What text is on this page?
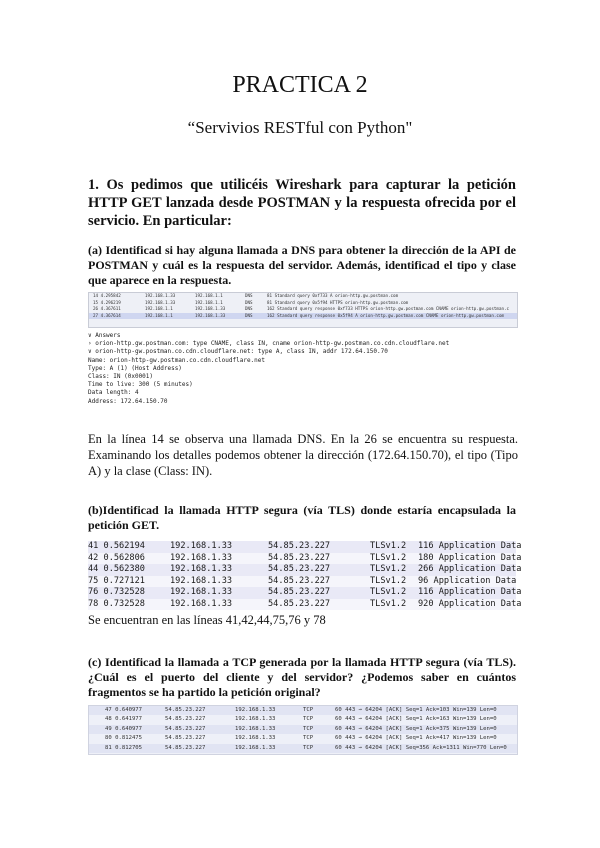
PRACTICA 2
“Servivios RESTful con Python"
1. Os pedimos que utilicéis Wireshark para capturar la petición HTTP GET lanzada desde POSTMAN y la respuesta ofrecida por el servicio. En particular:
(a) Identificad si hay alguna llamada a DNS para obtener la dirección de la API de POSTMAN y cuál es la respuesta del servidor. Además, identificad el tipo y clase que aparece en la respuesta.
14 4.295842	192.168.1.33	192.168.1.1	DNS	81 Standard query 0xf733 A orion-http.gw.postman.com
15 4.296219	192.168.1.33	192.168.1.1	DNS	81 Standard query 0x5f94 HTTPS orion-http.gw.postman.com
26 4.367611	192.168.1.1	192.168.1.33	DNS	162 Standard query response 0xf733 HTTPS orion-http.gw.postman.com CNAME orion-http.gw.postman.c
27 4.367614	192.168.1.1	192.168.1.33	DNS	162 Standard query response 0x5f94 A orion-http.gw.postman.com CNAME orion-http.gw.postman.com
∨ Answers
› orion-http.gw.postman.com: type CNAME, class IN, cname orion-http-gw.postman.co.cdn.cloudflare.net
∨ orion-http-gw.postman.co.cdn.cloudflare.net: type A, class IN, addr 172.64.150.70
Name: orion-http-gw.postman.co.cdn.cloudflare.net
Type: A (1) (Host Address)
Class: IN (0x0001)
Time to live: 300 (5 minutes)
Data length: 4
Address: 172.64.150.70
En la línea 14 se observa una llamada DNS. En la 26 se encuentra su respuesta. Examinando los detalles podemos obtener la dirección (172.64.150.70), el tipo (Tipo A) y la clase (Class: IN).
(b)Identificad la llamada HTTP segura (vía TLS) donde estaría encapsulada la petición GET.
41 0.562194	192.168.1.33	54.85.23.227	TLSv1.2 116 Application Data
42 0.562806	192.168.1.33	54.85.23.227	TLSv1.2 180 Application Data
44 0.562380	192.168.1.33	54.85.23.227	TLSv1.2 266 Application Data
75 0.727121	192.168.1.33	54.85.23.227	TLSv1.2 96 Application Data
76 0.732528	192.168.1.33	54.85.23.227	TLSv1.2 116 Application Data
78 0.732528	192.168.1.33	54.85.23.227	TLSv1.2 920 Application Data
Se encuentran en las líneas 41,42,44,75,76 y 78
(c) Identificad la llamada a TCP generada por la llamada HTTP segura (vía TLS). ¿Cuál es el puerto del cliente y del servidor? ¿Podemos saber en cuántos fragmentos se ha partido la petición original?
47 0.640977	54.85.23.227	192.168.1.33	TCP	60 443 → 64204 [ACK] Seq=1 Ack=103 Win=139 Len=0
48 0.641977	54.85.23.227	192.168.1.33	TCP	60 443 → 64204 [ACK] Seq=1 Ack=163 Win=139 Len=0
49 0.640977	54.85.23.227	192.168.1.33	TCP	60 443 → 64204 [ACK] Seq=1 Ack=375 Win=139 Len=0
80 0.812475	54.85.23.227	192.168.1.33	TCP	60 443 → 64204 [ACK] Seq=1 Ack=417 Win=139 Len=0
81 0.812705	54.85.23.227	192.168.1.33	TCP	60 443 → 64204 [ACK] Seq=356 Ack=1311 Win=770 Len=0
